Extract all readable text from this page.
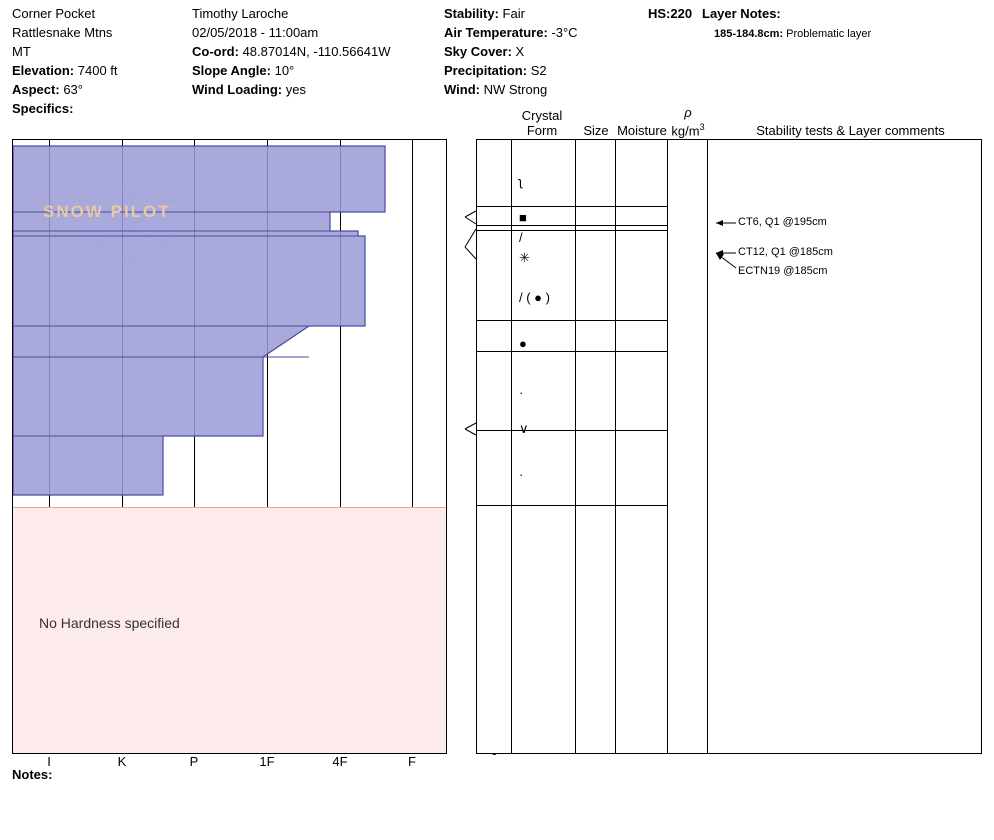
Corner Pocket
Rattlesnake Mtns
MT
Elevation: 7400 ft
Aspect: 63°
Specifics:
Timothy Laroche
02/05/2018 - 11:00am
Co-ord: 48.87014N, -110.56641W
Slope Angle: 10°
Wind Loading: yes
Stability: Fair
Air Temperature: -3°C
Sky Cover: X
Precipitation: S2
Wind: NW Strong
HS:220 Layer Notes:
185-184.8cm: Problematic layer
Crystal
Form	Size Moisture
ρ
$kg/m^3$	Stability tests & Layer comments
No Hardness specified
SNOW PILOT
I	K	P	1F	4F	F
Notes:
ʅ
■
/
✳
/ ( ● )
●
·
∨
·
CT6, Q1 @195cm
CT12, Q1 @185cm
ECTN19 @185cm
